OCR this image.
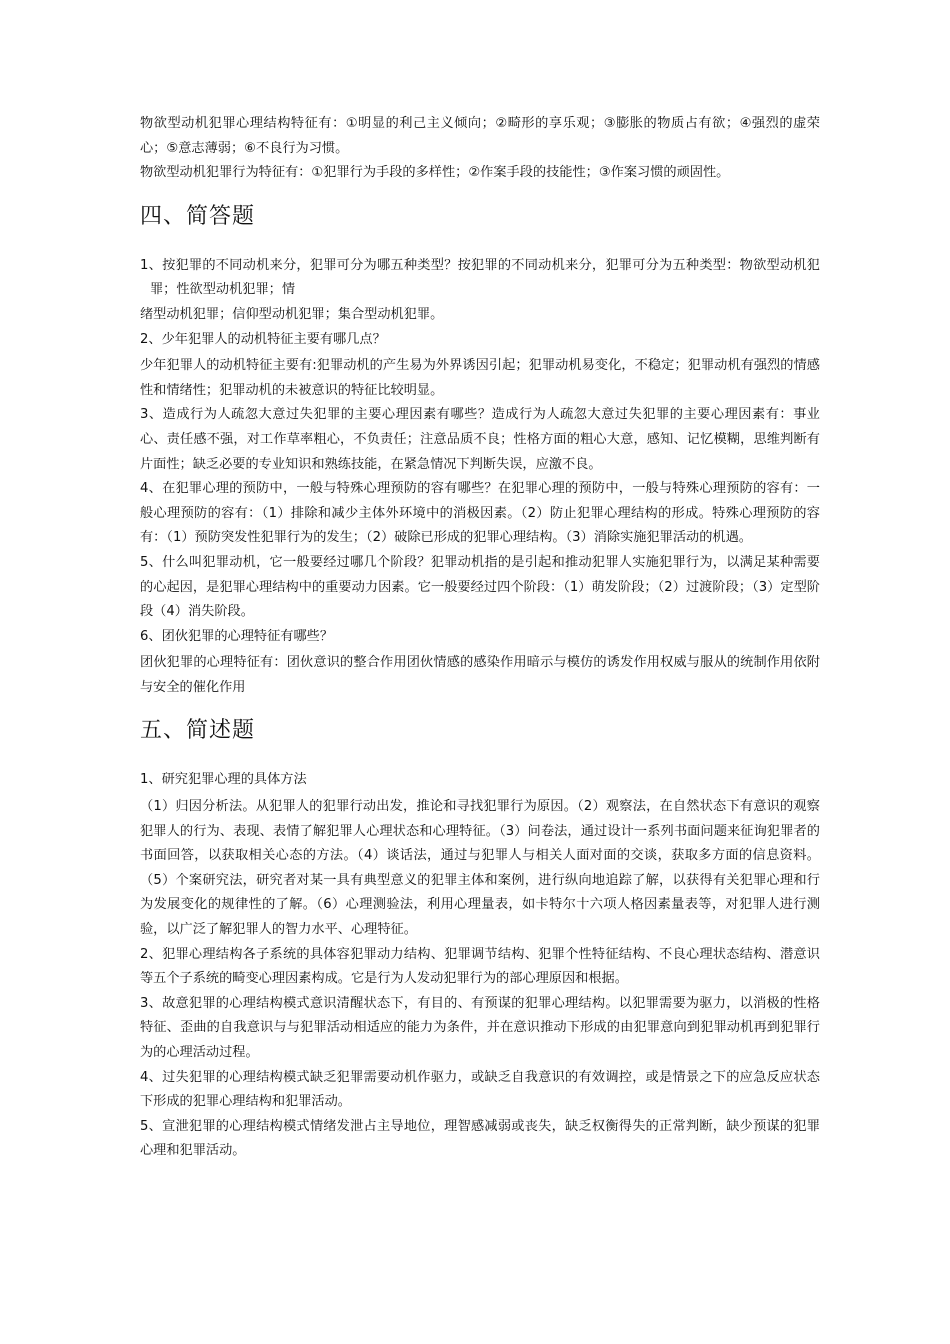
物欲型动机犯罪心理结构特征有：①明显的利己主义倾向；②畸形的享乐观；③膨胀的物质占有欲；④强烈的虚荣心；⑤意志薄弱；⑥不良行为习惯。

物欲型动机犯罪行为特征有：①犯罪行为手段的多样性；②作案手段的技能性；③作案习惯的顽固性。

四、简答题

1、按犯罪的不同动机来分，犯罪可分为哪五种类型？按犯罪的不同动机来分，犯罪可分为五种类型：物欲型动机犯罪；性欲型动机犯罪；情

绪型动机犯罪；信仰型动机犯罪；集合型动机犯罪。

2、少年犯罪人的动机特征主要有哪几点？

少年犯罪人的动机特征主要有:犯罪动机的产生易为外界诱因引起；犯罪动机易变化，不稳定；犯罪动机有强烈的情感性和情绪性；犯罪动机的未被意识的特征比较明显。

3、造成行为人疏忽大意过失犯罪的主要心理因素有哪些？造成行为人疏忽大意过失犯罪的主要心理因素有：事业心、责任感不强，对工作草率粗心，不负责任；注意品质不良；性格方面的粗心大意，感知、记忆模糊，思维判断有片面性；缺乏必要的专业知识和熟练技能，在紧急情况下判断失误，应激不良。

4、在犯罪心理的预防中，一般与特殊心理预防的容有哪些？在犯罪心理的预防中，一般与特殊心理预防的容有：一般心理预防的容有：（1）排除和减少主体外环境中的消极因素。（2）防止犯罪心理结构的形成。特殊心理预防的容有：（1）预防突发性犯罪行为的发生；（2）破除已形成的犯罪心理结构。（3）消除实施犯罪活动的机遇。

5、什么叫犯罪动机，它一般要经过哪几个阶段？犯罪动机指的是引起和推动犯罪人实施犯罪行为，以满足某种需要的心起因，是犯罪心理结构中的重要动力因素。它一般要经过四个阶段：（1）萌发阶段；（2）过渡阶段；（3）定型阶段（4）消失阶段。

6、团伙犯罪的心理特征有哪些？

团伙犯罪的心理特征有：团伙意识的整合作用团伙情感的感染作用暗示与模仿的诱发作用权威与服从的统制作用依附与安全的催化作用

五、简述题

1、研究犯罪心理的具体方法

（1）归因分析法。从犯罪人的犯罪行动出发，推论和寻找犯罪行为原因。（2）观察法，在自然状态下有意识的观察犯罪人的行为、表现、表情了解犯罪人心理状态和心理特征。（3）问卷法，通过设计一系列书面问题来征询犯罪者的书面回答，以获取相关心态的方法。（4）谈话法，通过与犯罪人与相关人面对面的交谈，获取多方面的信息资料。（5）个案研究法，研究者对某一具有典型意义的犯罪主体和案例，进行纵向地追踪了解，以获得有关犯罪心理和行为发展变化的规律性的了解。（6）心理测验法，利用心理量表，如卡特尔十六项人格因素量表等，对犯罪人进行测验，以广泛了解犯罪人的智力水平、心理特征。

2、犯罪心理结构各子系统的具体容犯罪动力结构、犯罪调节结构、犯罪个性特征结构、不良心理状态结构、潜意识等五个子系统的畸变心理因素构成。它是行为人发动犯罪行为的部心理原因和根据。

3、故意犯罪的心理结构模式意识清醒状态下，有目的、有预谋的犯罪心理结构。以犯罪需要为驱力，以消极的性格特征、歪曲的自我意识与与犯罪活动相适应的能力为条件，并在意识推动下形成的由犯罪意向到犯罪动机再到犯罪行为的心理活动过程。

4、过失犯罪的心理结构模式缺乏犯罪需要动机作驱力，或缺乏自我意识的有效调控，或是情景之下的应急反应状态下形成的犯罪心理结构和犯罪活动。

5、宣泄犯罪的心理结构模式情绪发泄占主导地位，理智感减弱或丧失，缺乏权衡得失的正常判断，缺少预谋的犯罪心理和犯罪活动。
